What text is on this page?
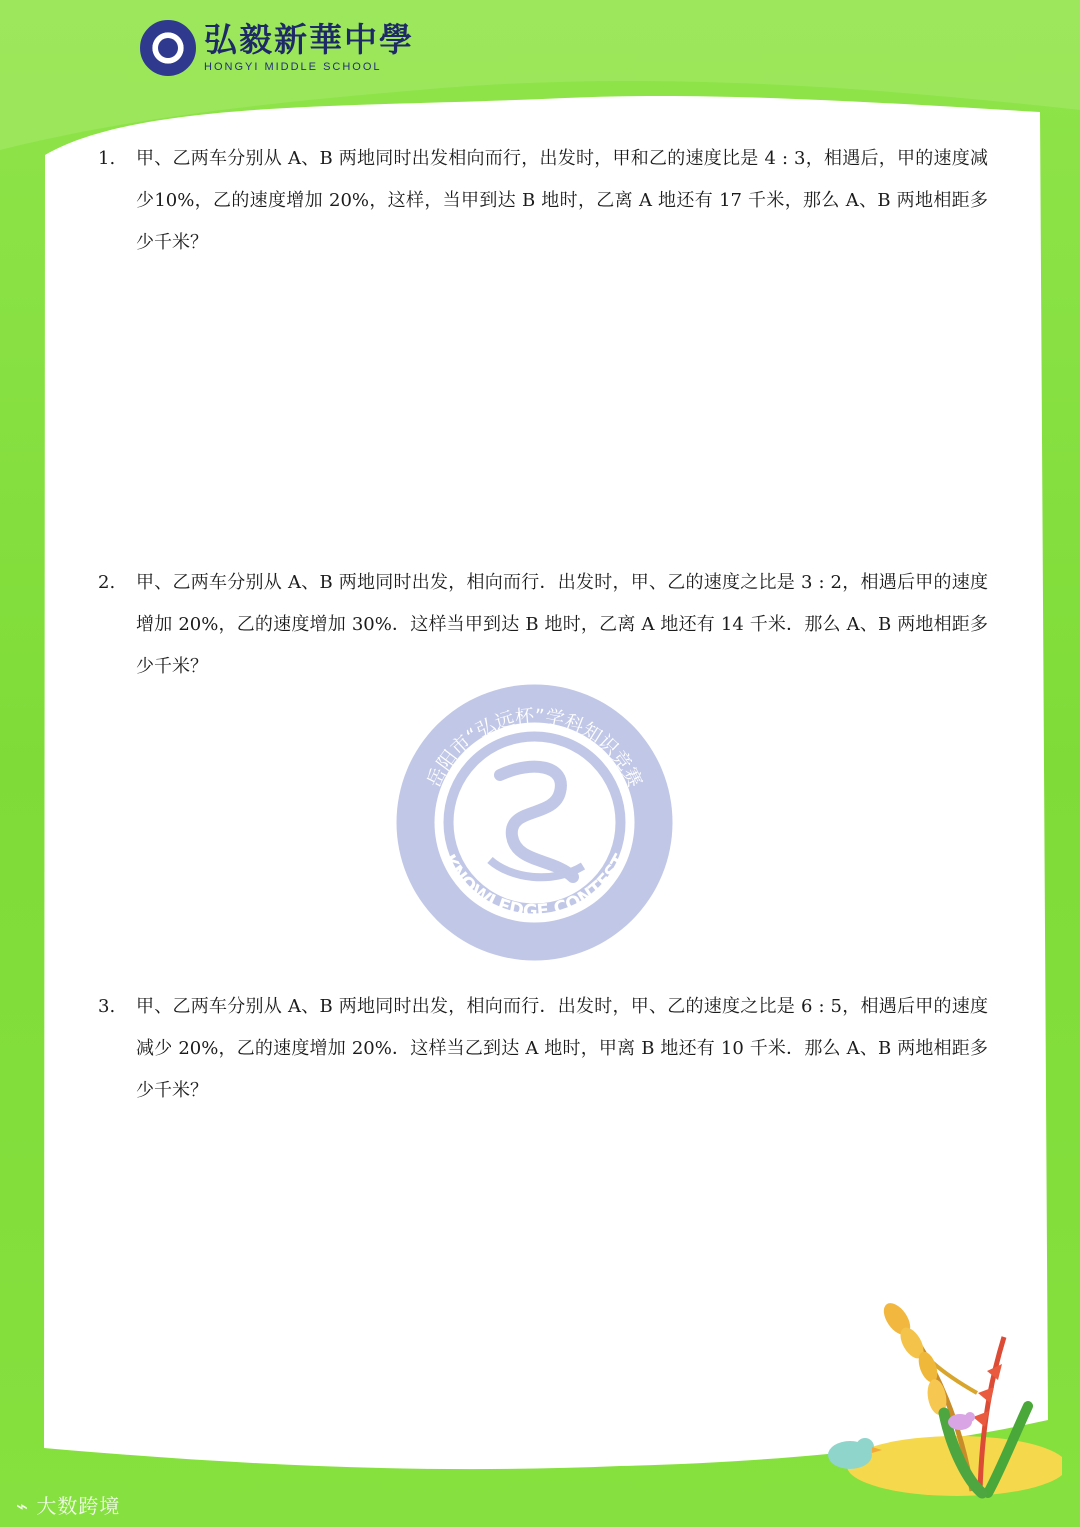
弘毅新華中學
HONGYI MIDDLE SCHOOL
1.	甲、乙两车分别从 A、B 两地同时出发相向而行，出发时，甲和乙的速度比是 4 : 3，相遇后，甲的速度减少10%，乙的速度增加 20%，这样，当甲到达 B 地时，乙离 A 地还有 17 千米，那么 A、B 两地相距多少千米？
2.	甲、乙两车分别从 A、B 两地同时出发，相向而行．出发时，甲、乙的速度之比是 3 : 2，相遇后甲的速度增加 20%，乙的速度增加 30%．这样当甲到达 B 地时，乙离 A 地还有 14 千米．那么 A、B 两地相距多少千米？
3.	甲、乙两车分别从 A、B 两地同时出发，相向而行．出发时，甲、乙的速度之比是 6 : 5，相遇后甲的速度减少 20%，乙的速度增加 20%．这样当乙到达 A 地时，甲离 B 地还有 10 千米．那么 A、B 两地相距多少千米？
岳阳市“弘远杯”学科知识竞赛
KNOWLEDGE CONTEST
⌁ 大数跨境
